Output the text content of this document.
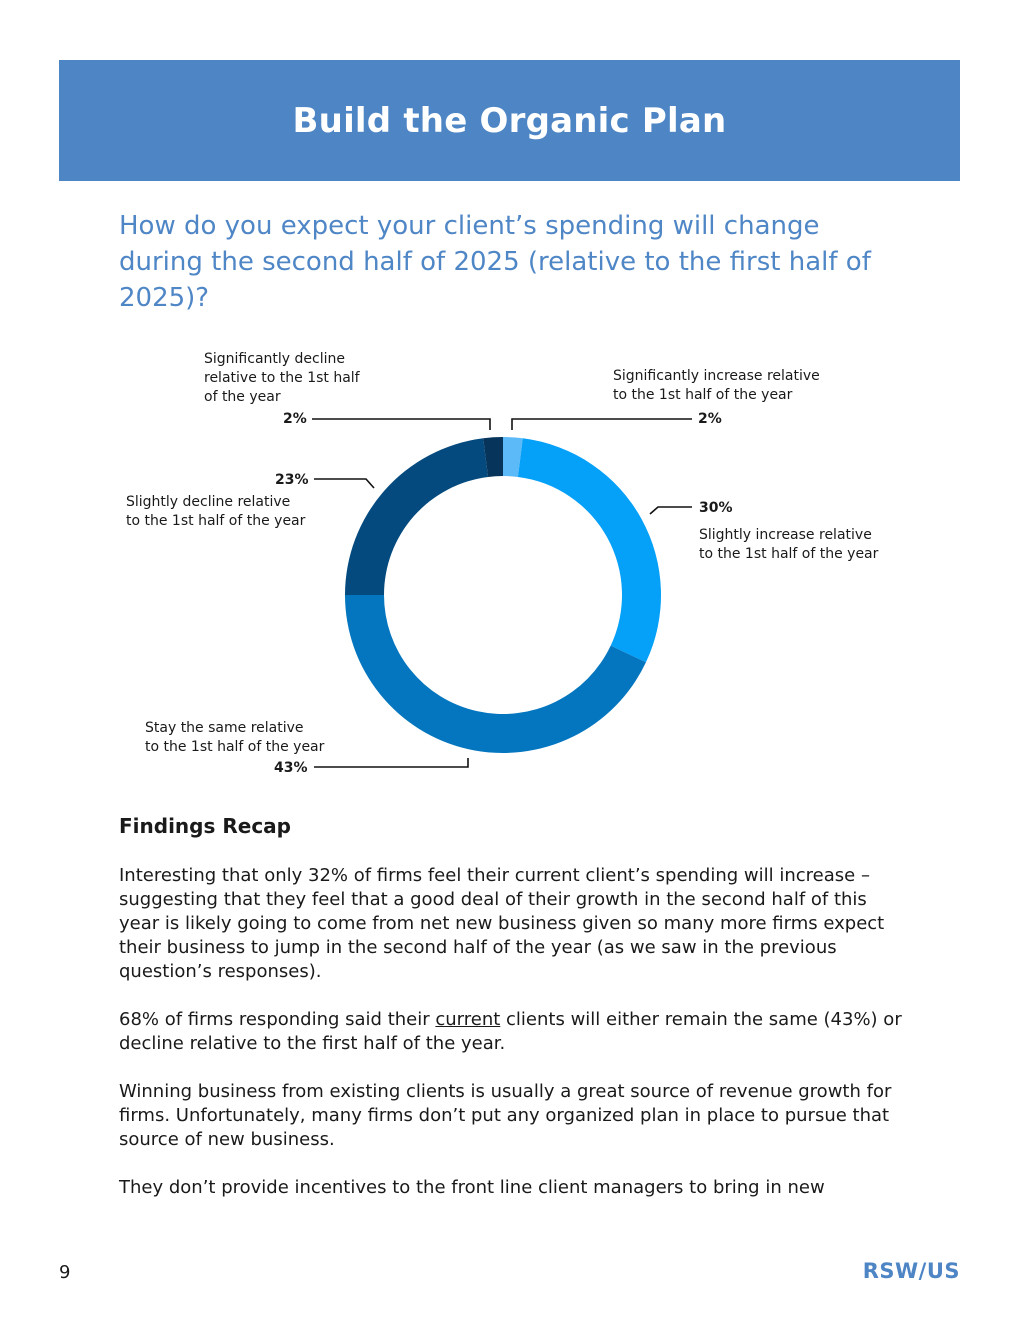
Build the Organic Plan
How do you expect your client’s spending will change during the second half of 2025 (relative to the first half of 2025)?
Significantly increase relative
to the 1st half of the year
2%
30%
Slightly increase relative
to the 1st half of the year
Stay the same relative
to the 1st half of the year
43%
23%
Slightly decline relative
to the 1st half of the year
Significantly decline
relative to the 1st half
of the year
2%
Findings Recap

Interesting that only 32% of firms feel their current client’s spending will increase – suggesting that they feel that a good deal of their growth in the second half of this year is likely going to come from net new business given so many more firms expect their business to jump in the second half of the year (as we saw in the previous question’s responses).

68% of firms responding said their current clients will either remain the same (43%) or decline relative to the first half of the year.

Winning business from existing clients is usually a great source of revenue growth for firms. Unfortunately, many firms don’t put any organized plan in place to pursue that source of new business.

They don’t provide incentives to the front line client managers to bring in new

9	RSW/US
